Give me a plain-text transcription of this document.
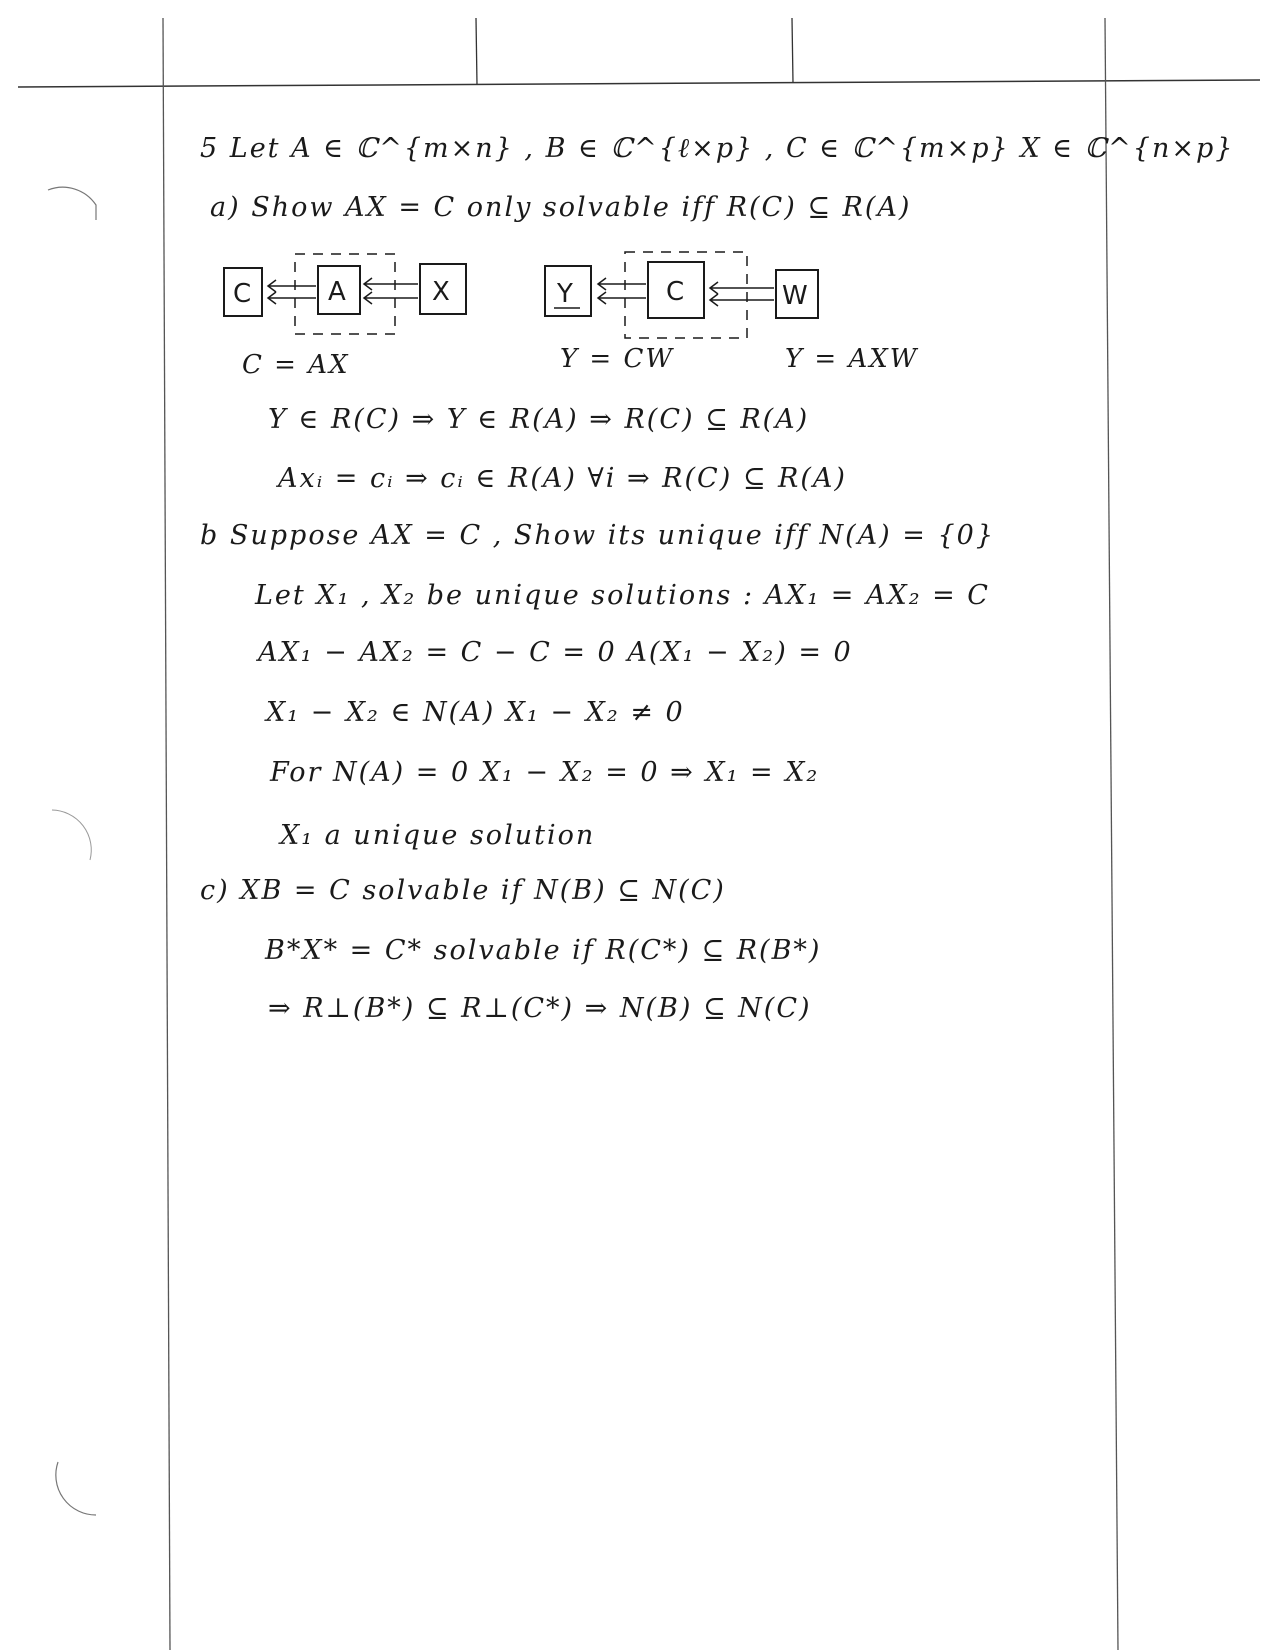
C	A	X	Y	C	W
5 Let A ∈ ℂ^{m×n} , B ∈ ℂ^{ℓ×p} , C ∈ ℂ^{m×p} X ∈ ℂ^{n×p}
a) Show AX = C only solvable iff R(C) ⊆ R(A)
C = AX	Y = CW	Y = AXW
Y ∈ R(C) ⇒ Y ∈ R(A) ⇒ R(C) ⊆ R(A)
Axᵢ = cᵢ ⇒ cᵢ ∈ R(A) ∀i ⇒ R(C) ⊆ R(A)
b Suppose AX = C , Show its unique iff N(A) = {0}
Let X₁ , X₂ be unique solutions : AX₁ = AX₂ = C
AX₁ − AX₂ = C − C = 0 A(X₁ − X₂) = 0
X₁ − X₂ ∈ N(A) X₁ − X₂ ≠ 0
For N(A) = 0 X₁ − X₂ = 0 ⇒ X₁ = X₂
X₁ a unique solution
c) XB = C solvable if N(B) ⊆ N(C)
B*X* = C* solvable if R(C*) ⊆ R(B*)
⇒ R⊥(B*) ⊆ R⊥(C*) ⇒ N(B) ⊆ N(C)
